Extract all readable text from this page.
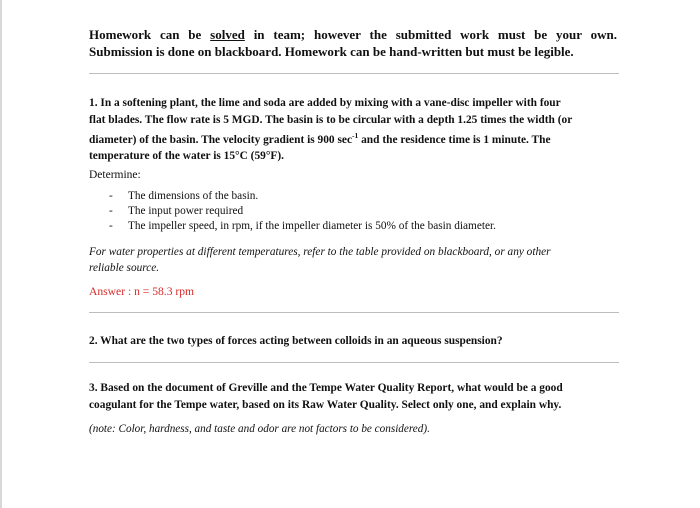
Homework can be solved in team; however the submitted work must be your own.
Submission is done on blackboard. Homework can be hand-written but must be legible.
1. In a softening plant, the lime and soda are added by mixing with a vane-disc impeller with four
flat blades. The flow rate is 5 MGD. The basin is to be circular with a depth 1.25 times the width (or
diameter) of the basin. The velocity gradient is 900 $\sec^{-1}$ and the residence time is 1 minute. The
temperature of the water is 15°C (59°F).
Determine:
- The dimensions of the basin.
- The input power required
- The impeller speed, in rpm, if the impeller diameter is 50% of the basin diameter.
For water properties at different temperatures, refer to the table provided on blackboard, or any other
reliable source.
Answer : n = 58.3 rpm
2. What are the two types of forces acting between colloids in an aqueous suspension?
3. Based on the document of Greville and the Tempe Water Quality Report, what would be a good
coagulant for the Tempe water, based on its Raw Water Quality. Select only one, and explain why.
(note: Color, hardness, and taste and odor are not factors to be considered).
